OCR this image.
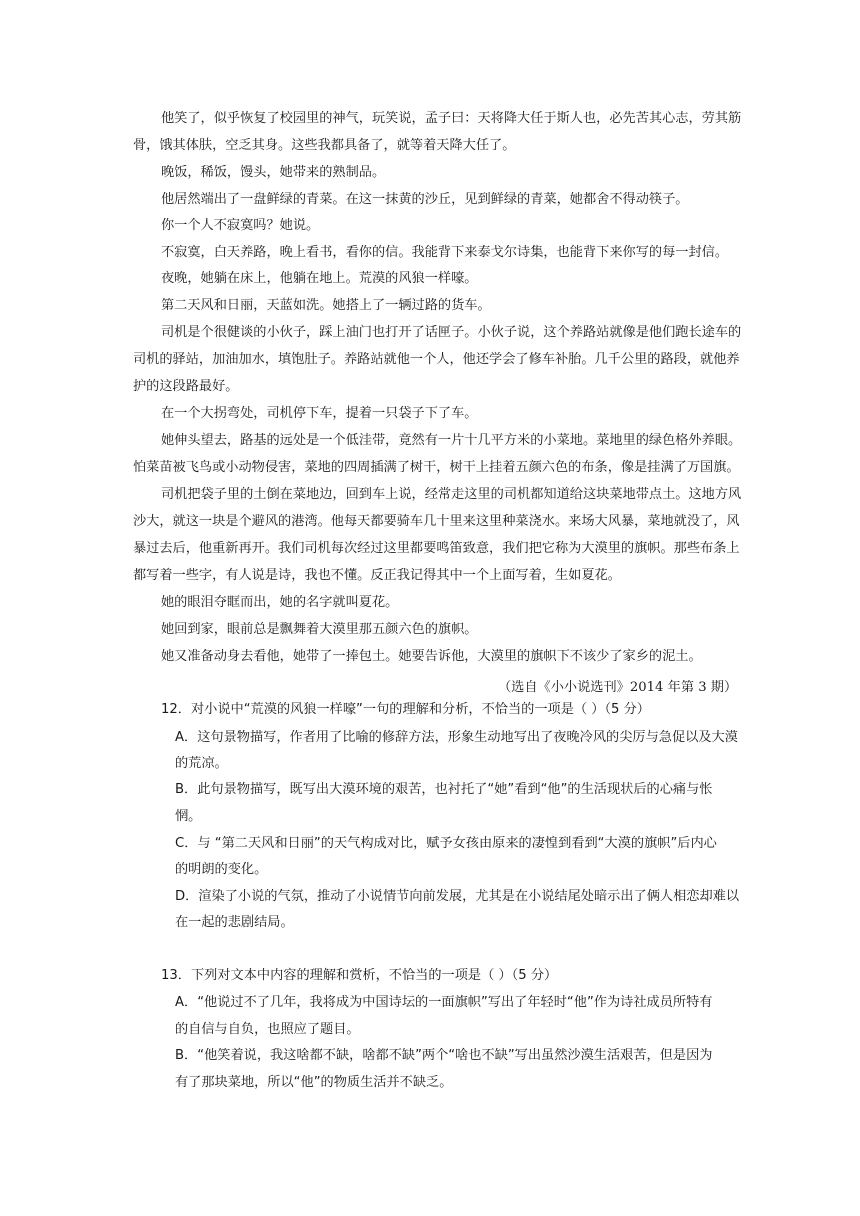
他笑了，似乎恢复了校园里的神气，玩笑说，孟子曰：天将降大任于斯人也，必先苦其心志，劳其筋

骨，饿其体肤，空乏其身。这些我都具备了，就等着天降大任了。

晚饭，稀饭，馒头，她带来的熟制品。

他居然端出了一盘鲜绿的青菜。在这一抹黄的沙丘，见到鲜绿的青菜，她都舍不得动筷子。

你一个人不寂寞吗？她说。

不寂寞，白天养路，晚上看书，看你的信。我能背下来泰戈尔诗集，也能背下来你写的每一封信。

夜晚，她躺在床上，他躺在地上。荒漠的风狼一样嚎。

第二天风和日丽，天蓝如洗。她搭上了一辆过路的货车。

司机是个很健谈的小伙子，踩上油门也打开了话匣子。小伙子说，这个养路站就像是他们跑长途车的

司机的驿站，加油加水，填饱肚子。养路站就他一个人，他还学会了修车补胎。几千公里的路段，就他养

护的这段路最好。

在一个大拐弯处，司机停下车，提着一只袋子下了车。

她伸头望去，路基的远处是一个低洼带，竟然有一片十几平方米的小菜地。菜地里的绿色格外养眼。

怕菜苗被飞鸟或小动物侵害，菜地的四周插满了树干，树干上挂着五颜六色的布条，像是挂满了万国旗。

司机把袋子里的土倒在菜地边，回到车上说，经常走这里的司机都知道给这块菜地带点土。这地方风

沙大，就这一块是个避风的港湾。他每天都要骑车几十里来这里种菜浇水。来场大风暴，菜地就没了，风

暴过去后，他重新再开。我们司机每次经过这里都要鸣笛致意，我们把它称为大漠里的旗帜。那些布条上

都写着一些字，有人说是诗，我也不懂。反正我记得其中一个上面写着，生如夏花。

她的眼泪夺眶而出，她的名字就叫夏花。

她回到家，眼前总是飘舞着大漠里那五颜六色的旗帜。

她又准备动身去看他，她带了一捧包土。她要告诉他，大漠里的旗帜下不该少了家乡的泥土。

（选自《小小说选刊》2014 年第 3 期）

12．对小说中“荒漠的风狼一样嚎”一句的理解和分析，不恰当的一项是（ ）（5 分）

A．这句景物描写，作者用了比喻的修辞方法，形象生动地写出了夜晚冷风的尖厉与急促以及大漠

的荒凉。

B．此句景物描写，既写出大漠环境的艰苦，也衬托了“她”看到“他”的生活现状后的心痛与怅

惘。

C．与 “第二天风和日丽”的天气构成对比，赋予女孩由原来的凄惶到看到“大漠的旗帜”后内心

的明朗的变化。

D．渲染了小说的气氛，推动了小说情节向前发展，尤其是在小说结尾处暗示出了俩人相恋却难以

在一起的悲剧结局。

13．下列对文本中内容的理解和赏析，不恰当的一项是（ ）（5 分）

A．“他说过不了几年，我将成为中国诗坛的一面旗帜”写出了年轻时“他”作为诗社成员所特有

的自信与自负，也照应了题目。

B．“他笑着说，我这啥都不缺，啥都不缺”两个“啥也不缺”写出虽然沙漠生活艰苦，但是因为

有了那块菜地，所以“他”的物质生活并不缺乏。
